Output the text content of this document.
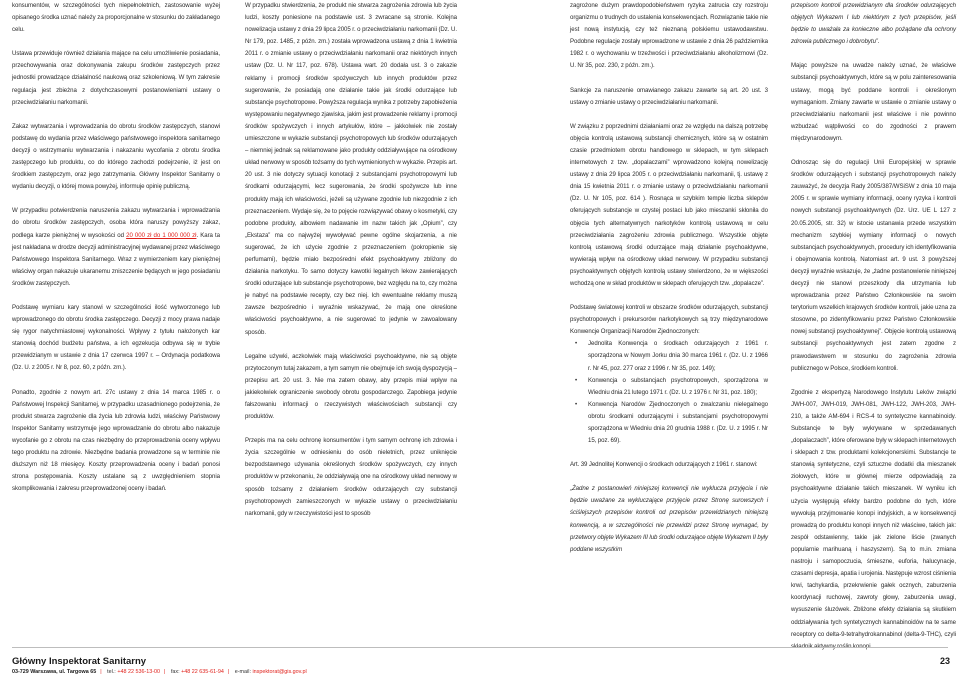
konsumentów, w szczególności tych niepełnoletnich, zastosowanie wyżej opisanego środka uznać należy za proporcjonalne w stosunku do zakładanego celu.

Ustawa przewiduje również działania mające na celu umożliwienie posiadania, przechowywania oraz dokonywania zakupu środków zastępczych przez jednostki prowadzące działalność naukową oraz szkoleniową. W tym zakresie regulacja jest zbieżna z dotychczasowymi postanowieniami ustawy o przeciwdziałaniu narkomanii.

Zakaz wytwarzania i wprowadzania do obrotu środków zastępczych, stanowi podstawę do wydania przez właściwego państwowego inspektora sanitarnego decyzji o wstrzymaniu wytwarzania i nakazaniu wycofania z obrotu środka zastępczego lub produktu, co do którego zachodzi podejrzenie, iż jest on środkiem zastępczym, oraz jego zatrzymania. Główny Inspektor Sanitarny o wydaniu decyzji, o której mowa powyżej, informuje opinię publiczną.

W przypadku potwierdzenia naruszenia zakazu wytwarzania i wprowadzania do obrotu środków zastępczych, osoba która naruszy powyższy zakaz, podlega karze pieniężnej w wysokości od 20 000 zł do 1 000 000 zł. Kara ta jest nakładana w drodze decyzji administracyjnej wydawanej przez właściwego Państwowego Inspektora Sanitarnego. Wraz z wymierzeniem kary pieniężnej właściwy organ nakazuje ukaranemu zniszczenie będących w jego posiadaniu środków zastępczych.

Podstawę wymiaru kary stanowi w szczególności ilość wytworzonego lub wprowadzonego do obrotu środka zastępczego. Decyzji z mocy prawa nadaje się rygor natychmiastowej wykonalności. Wpływy z tytułu nałożonych kar stanowią dochód budżetu państwa, a ich egzekucja odbywa się w trybie przewidzianym w ustawie z dnia 17 czerwca 1997 r. – Ordynacja podatkowa (Dz. U. z 2005 r. Nr 8, poz. 60, z późn. zm.).

Ponadto, zgodnie z nowym art. 27c ustawy z dnia 14 marca 1985 r. o Państwowej Inspekcji Sanitarnej, w przypadku uzasadnionego podejrzenia, że produkt stwarza zagrożenie dla życia lub zdrowia ludzi, właściwy Państwowy Inspektor Sanitarny wstrzymuje jego wprowadzanie do obrotu albo nakazuje wycofanie go z obrotu na czas niezbędny do przeprowadzenia oceny wpływu tego produktu na zdrowie. Niezbędne badania prowadzone są w terminie nie dłuższym niż 18 miesięcy. Koszty przeprowadzenia oceny i badań ponosi strona postępowania. Koszty ustalane są z uwzględnieniem stopnia skomplikowania i zakresu przeprowadzonej oceny i badań.

W przypadku stwierdzenia, że produkt nie stwarza zagrożenia zdrowia lub życia ludzi, koszty poniesione na podstawie ust. 3 zwracane są stronie. Kolejna nowelizacja ustawy z dnia 29 lipca 2005 r. o przeciwdziałaniu narkomanii (Dz. U. Nr 179, poz. 1485, z późn. zm.) została wprowadzona ustawą z dnia 1 kwietnia 2011 r. o zmianie ustawy o przeciwdziałaniu narkomanii oraz niektórych innych ustaw (Dz. U. Nr 117, poz. 678). Ustawa wart. 20 dodała ust. 3 o zakazie reklamy i promocji środków spożywczych lub innych produktów przez sugerowanie, że posiadają one działanie takie jak środki odurzające lub substancje psychotropowe. Powyższa regulacja wynika z potrzeby zapobieżenia występowaniu negatywnego zjawiska, jakim jest prowadzenie reklamy i promocji środków spożywczych i innych artykułów, które – jakkolwiek nie zostały umieszczone w wykazie substancji psychotropowych lub środków odurzających – niemniej jednak są reklamowane jako produkty oddziaływujące na ośrodkowy układ nerwowy w sposób tożsamy do tych wymienionych w wykazie. Przepis art. 20 ust. 3 nie dotyczy sytuacji konotacji z substancjami psychotropowymi lub środkami odurzającymi, lecz sugerowania, że środki spożywcze lub inne produkty mają ich właściwości, jeżeli są używane zgodnie lub niezgodnie z ich przeznaczeniem. Wydaje się, że to pojęcie rozwiązywać obawy o kosmetyki, czy podobne produkty, albowiem nadawanie im nazw takich jak „Opium”, czy „Ekstaza” ma co najwyżej wywoływać pewne ogólne skojarzenia, a nie sugerować, że ich użycie zgodnie z przeznaczeniem (pokropienie się perfumami), będzie miało bezpośredni efekt psychoaktywny zbliżony do działania narkotyku. To samo dotyczy kawotki legalnych lekow zawierających środki odurzające lub substancje psychotropowe, bez względu na to, czy można je nabyć na podstawie recepty, czy bez niej. Ich ewentualne reklamy muszą zawsze bezpośrednio i wyraźnie wskazywać, że mają one określone właściwości psychoaktywne, a nie sugerować to jedynie w zawoalowany sposób.

Legalne używki, aczkolwiek mają właściwości psychoaktywne, nie są objęte przytoczonym tutaj zakazem, a tym samym nie obejmuje ich swoją dyspozycją – przepisu art. 20 ust. 3. Nie ma zatem obawy, aby przepis miał wpływ na jakiekolwiek ograniczenie swobody obrotu gospodarczego. Zapobiega jedynie fałszowaniu informacji o rzeczywistych właściwościach substancji czy produktów.

Przepis ma na celu ochronę konsumentów i tym samym ochronę ich zdrowia i życia szczególnie w odniesieniu do osób nieletnich, przez uniknięcie bezpodstawnego używania określonych środków spożywczych, czy innych produktów w przekonaniu, że oddziaływają one na ośrodkowy układ nerwowy w sposób tożsamy z działaniem środków odurzających czy substancji psychotropowych zamieszczonych w wykazie ustawy o przeciwdziałaniu narkomanii, gdy w rzeczywistości jest to sposób

zagrożone dużym prawdopodobieństwem ryzyka zatrucia czy rozstroju organizmu o trudnych do ustalenia konsekwencjach. Rozwiązanie takie nie jest nową instytucją, czy też nieznaną polskiemu ustawodawstwu. Podobne regulacje zostały wprowadzone w ustawie z dnia 26 października 1982 r. o wychowaniu w trzeźwości i przeciwdziałaniu alkoholizmowi (Dz. U. Nr 35, poz. 230, z późn. zm.).

Sankcje za naruszenie omawianego zakazu zawarte są art. 20 ust. 3 ustawy o zmianie ustawy o przeciwdziałaniu narkomanii.

W związku z poprzednimi działaniami oraz ze względu na dalszą potrzebę objęcia kontrolą ustawową substancji chemicznych, które są w ostatnim czasie przedmiotem obrotu handlowego w sklepach, w tym sklepach internetowych z tzw. „dopalaczami” wprowadzono kolejną nowelizację ustawy z dnia 29 lipca 2005 r. o przeciwdziałaniu narkomanii, tj. ustawę z dnia 15 kwietnia 2011 r. o zmianie ustawy o przeciwdziałaniu narkomanii (Dz. U. Nr 105, poz. 614 ). Rosnąca w szybkim tempie liczba sklepów oferujących substancje w czystej postaci lub jako mieszanki skłoniła do objęcia tych alternatywnych narkotyków kontrolą ustawową w celu przeciwdziałania zagrożeniu zdrowia publicznego. Wszystkie objęte kontrolą ustawową środki odurzające mają działanie psychoaktywne, wywierają wpływ na ośrodkowy układ nerwowy. W przypadku substancji psychoaktywnych objętych kontrolą ustawy stwierdzono, że w większości wchodzą one w skład produktów w sklepach oferujących tzw. „dopalacze”.

Podstawę światowej kontroli w obszarze środków odurzających, substancji psychotropowych i prekursorów narkotykowych są trzy międzynarodowe Konwencje Organizacji Narodów Zjednoczonych:

• Jednolita Konwencja o środkach odurzających z 1961 r. sporządzona w Nowym Jorku dnia 30 marca 1961 r. (Dz. U. z 1966 r. Nr 45, poz. 277 oraz z 1996 r. Nr 35, poz. 149);
• Konwencja o substancjach psychotropowych, sporządzona w Wiedniu dnia 21 lutego 1971 r. (Dz. U. z 1976 r. Nr 31, poz. 180);
• Konwencja Narodów Zjednoczonych o zwalczaniu nielegalnego obrotu środkami odurzającymi i substancjami psychotropowymi sporządzona w Wiedniu dnia 20 grudnia 1988 r. (Dz. U. z 1995 r. Nr 15, poz. 69).

Art. 39 Jednolitej Konwencji o środkach odurzających z 1961 r. stanowi:

„Żadne z postanowień niniejszej konwencji nie wyklucza przyjęcia i nie będzie uważane za wykluczające przyjęcie przez Stronę surowszych i ściślejszych przepisów kontroli od przepisów przewidzianych niniejszą konwencją, a w szczególności nie przewidzi przez Stronę wymagać, by przetwory objęte Wykazem III lub środki odurzające objęte Wykazem II były poddane wszystkim

przepisom kontroli przewidzianym dla środków odurzających objętych Wykazem I lub niektórym z tych przepisów, jeśli będzie to uważała za konieczne albo pożądane dla ochrony zdrowia publicznego i dobrobytu”.

Mając powyższe na uwadze należy uznać, że właściwe substancji psychoaktywnych, które są w polu zainteresowania ustawy, mogą być poddane kontroli i określonym wymaganiom. Zmiany zawarte w ustawie o zmianie ustawy o przeciwdziałaniu narkomanii jest właściwe i nie powinno wzbudzać wątpliwości co do zgodności z prawem międzynarodowym.

Odnosząc się do regulacji Unii Europejskiej w sprawie środków odurzających i substancji psychotropowych należy zauważyć, że decyzja Rady 2005/387/WSiSW z dnia 10 maja 2005 r. w sprawie wymiany informacji, oceny ryzyka i kontroli nowych substancji psychoaktywnych (Dz. Urz. UE L 127 z 20.05.2005, str. 32) w istocie ustanawia przede wszystkim mechanizm szybkiej wymiany informacji o nowych substancjach psychoaktywnych, procedury ich identyfikowania i obejmowania kontrolą. Natomiast art. 9 ust. 3 powyższej decyzji wyraźnie wskazuje, że „żadne postanowienie niniejszej decyzji nie stanowi przeszkody dla utrzymania lub wprowadzania przez Państwo Członkowskie na swoim terytorium wszelkich krajowych środków kontroli, jakie uzna za stosowne, po zidentyfikowaniu przez Państwo Członkowskie nowej substancji psychoaktywnej”. Objęcie kontrolą ustawową substancji psychoaktywnych jest zatem zgodne z prawodawstwem w stosunku do zagrożenia zdrowia publicznego w Polsce, środkiem kontroli.

Zgodnie z ekspertyzą Narodowego Instytutu Leków związki JWH-007, JWH-019, JWH-081, JWH-122, JWH-203, JWH-210, a także AM-694 i RCS-4 to syntetyczne kannabinoidy. Substancje te były wykrywane w sprzedawanych „dopalaczach”, które oferowane były w sklepach internetowych i sklepach z tzw. produktami kolekcjonerskimi. Substancje te stanowią syntetyczne, czyli sztuczne dodatki dla mieszanek ziołowych, które w głównej mierze odpowiadają za psychoaktywne działanie takich mieszanek. W wyniku ich użycia występują efekty bardzo podobne do tych, które wywołują przyjmowanie konopi indyjskich, a w konsekwencji prowadzą do produktu konopi innych niż właściwe, takich jak: zespół odstawienny, takie jak zielone liście (zwanych popularnie marihuaną i haszyszem). Są to m.in. zmiana nastroju i samopoczucia, śmieszne, euforia, halucynacje, czasami depresja, apatia i urojenia. Następuje wzrost ciśnienia krwi, tachykardia, przekrwienie gałek ocznych, zaburzenia koordynacji ruchowej, zawroty głowy, zaburzenia uwagi, wysuszenie śluzówek. Zbliżone efekty działania są skutkiem oddziaływania tych syntetycznych kannabinoidów na te same receptory co delta-9-tetrahydrokannabinol (delta-9-THC), czyli

Główny Inspektorat Sanitarny
03-729 Warszawa, ul. Targowa 65 | tel.: +48 22 536-13-00 | fax: +48 22 635-61-94 | e-mail: inspektorat@gis.gov.pl
23
